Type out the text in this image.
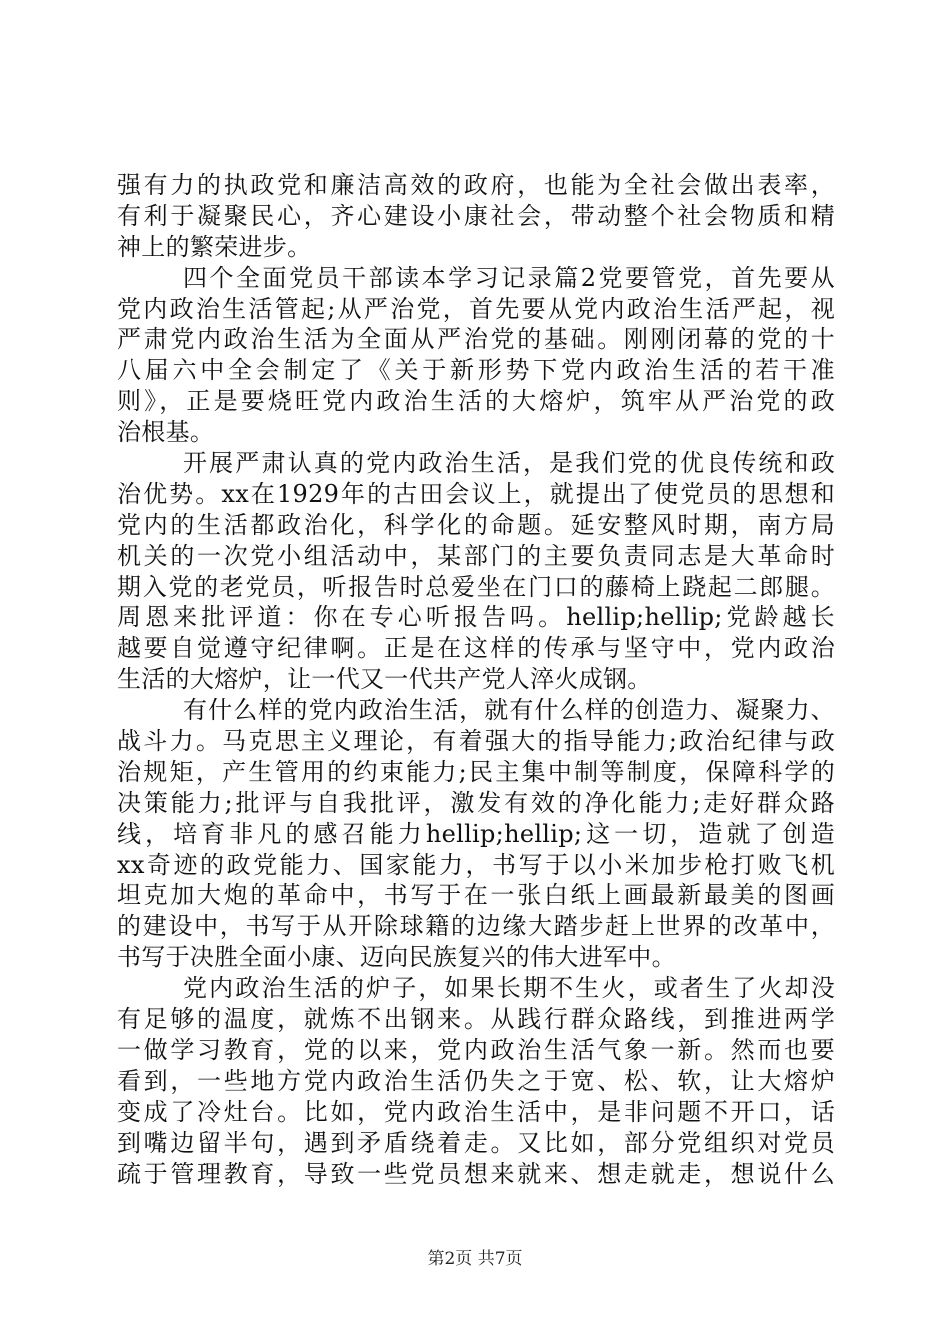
强有力的执政党和廉洁高效的政府，也能为全社会做出表率，
有利于凝聚民心，齐心建设小康社会，带动整个社会物质和精
神上的繁荣进步。
四个全面党员干部读本学习记录篇2党要管党，首先要从
党内政治生活管起;从严治党，首先要从党内政治生活严起，视
严肃党内政治生活为全面从严治党的基础。刚刚闭幕的党的十
八届六中全会制定了《关于新形势下党内政治生活的若干准
则》，正是要烧旺党内政治生活的大熔炉，筑牢从严治党的政
治根基。
开展严肃认真的党内政治生活，是我们党的优良传统和政
治优势。xx在1929年的古田会议上，就提出了使党员的思想和
党内的生活都政治化，科学化的命题。延安整风时期，南方局
机关的一次党小组活动中，某部门的主要负责同志是大革命时
期入党的老党员，听报告时总爱坐在门口的藤椅上跷起二郎腿。
周恩来批评道：你在专心听报告吗。hellip;hellip;党龄越长
越要自觉遵守纪律啊。正是在这样的传承与坚守中，党内政治
生活的大熔炉，让一代又一代共产党人淬火成钢。
有什么样的党内政治生活，就有什么样的创造力、凝聚力、
战斗力。马克思主义理论，有着强大的指导能力;政治纪律与政
治规矩，产生管用的约束能力;民主集中制等制度，保障科学的
决策能力;批评与自我批评，激发有效的净化能力;走好群众路
线，培育非凡的感召能力hellip;hellip;这一切，造就了创造
xx奇迹的政党能力、国家能力，书写于以小米加步枪打败飞机
坦克加大炮的革命中，书写于在一张白纸上画最新最美的图画
的建设中，书写于从开除球籍的边缘大踏步赶上世界的改革中，
书写于决胜全面小康、迈向民族复兴的伟大进军中。
党内政治生活的炉子，如果长期不生火，或者生了火却没
有足够的温度，就炼不出钢来。从践行群众路线，到推进两学
一做学习教育，党的以来，党内政治生活气象一新。然而也要
看到，一些地方党内政治生活仍失之于宽、松、软，让大熔炉
变成了冷灶台。比如，党内政治生活中，是非问题不开口，话
到嘴边留半句，遇到矛盾绕着走。又比如，部分党组织对党员
疏于管理教育，导致一些党员想来就来、想走就走，想说什么
第2页 共7页
